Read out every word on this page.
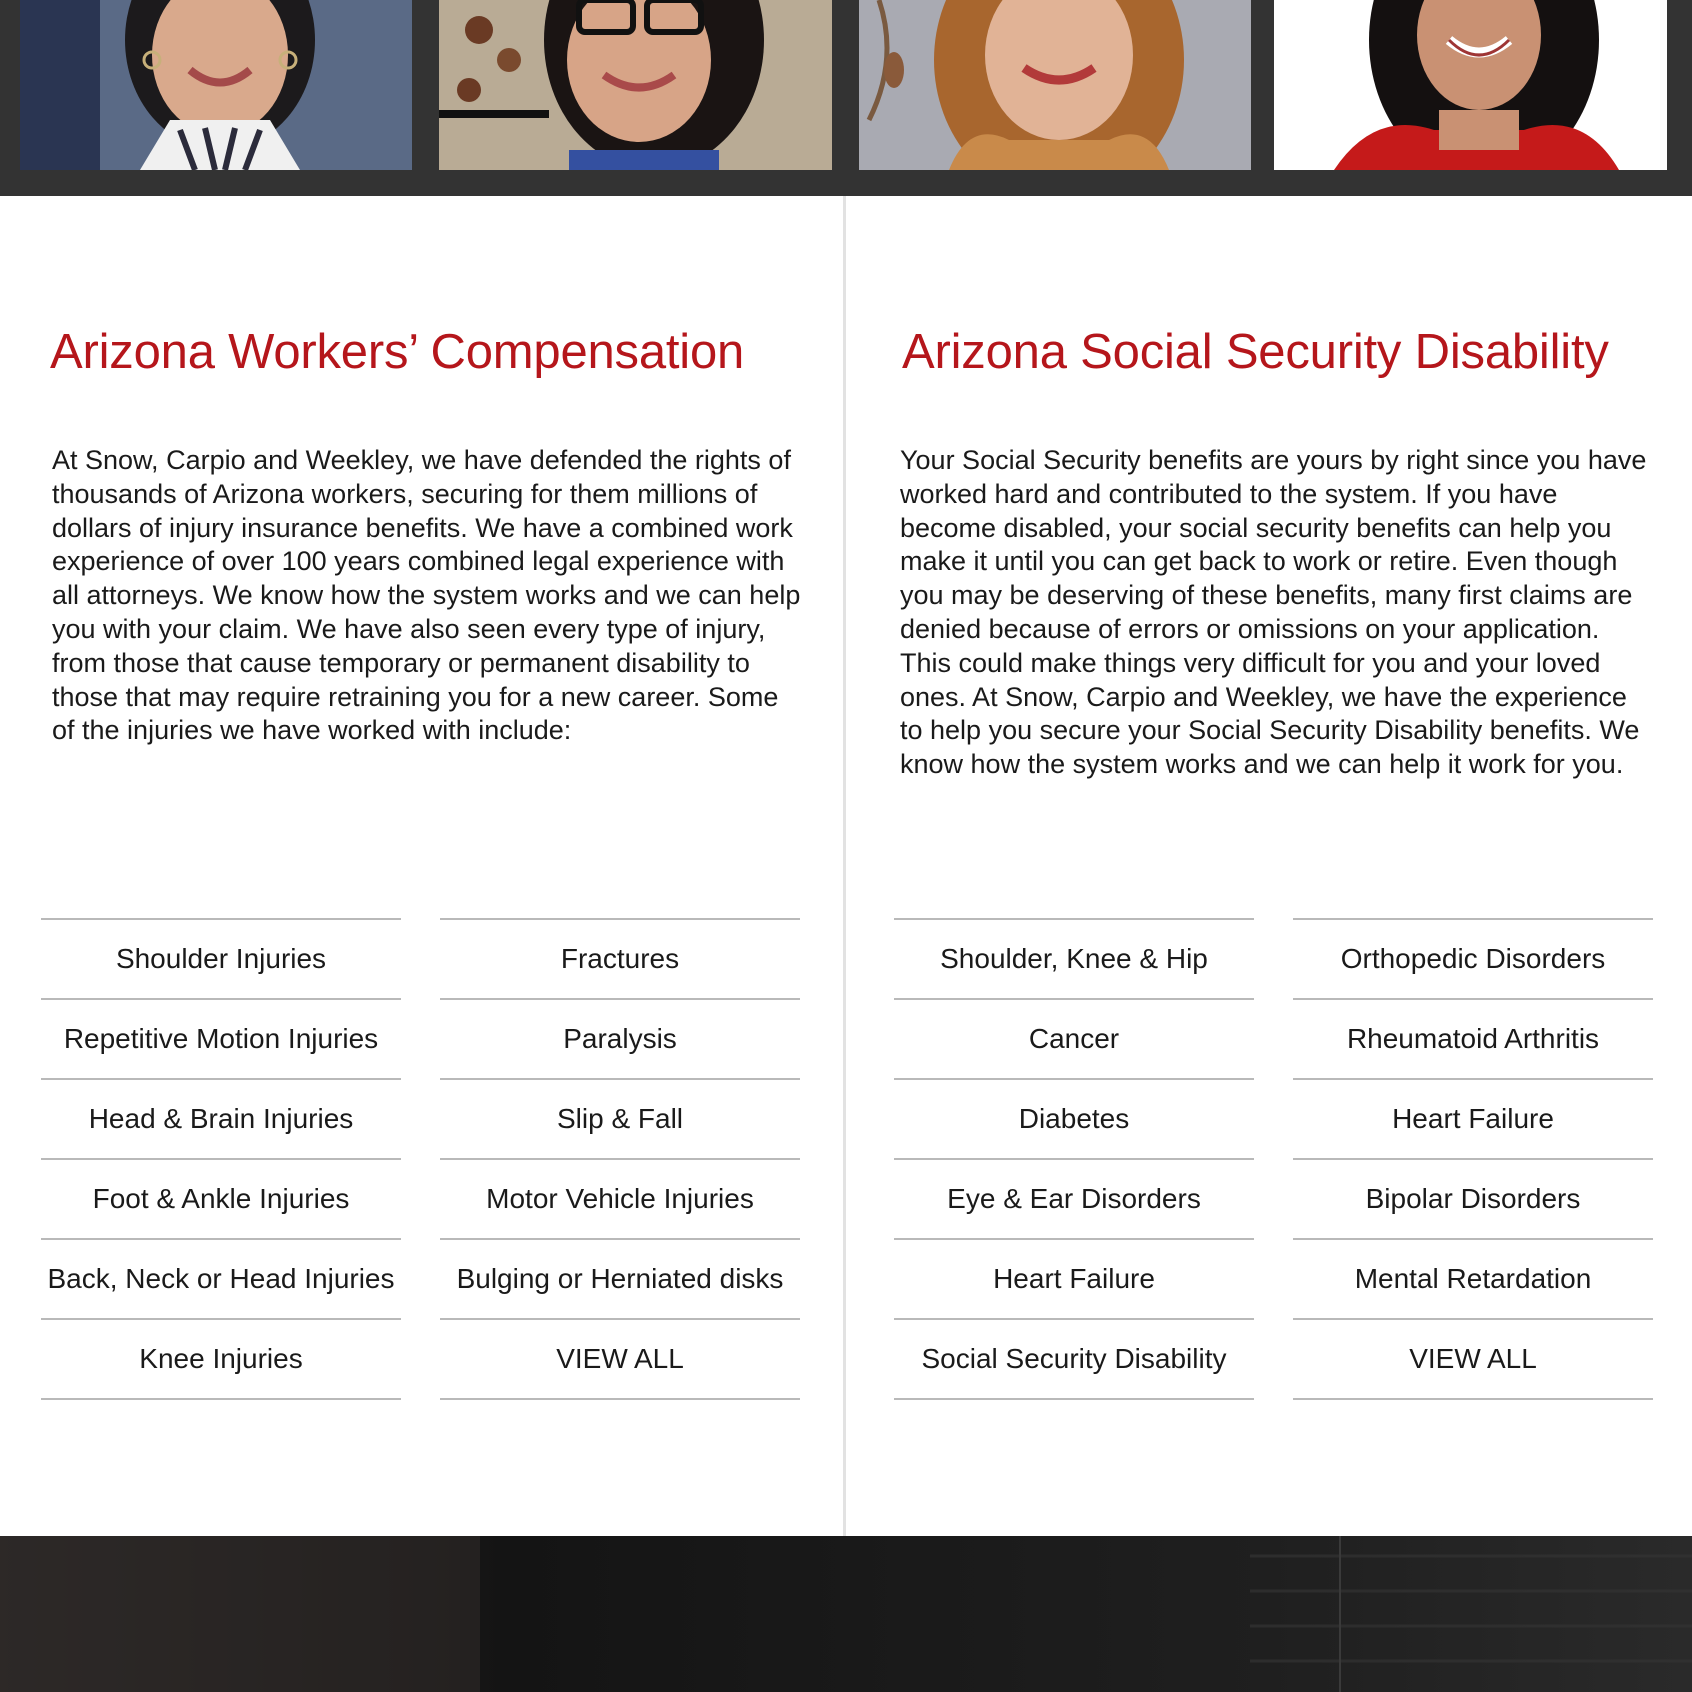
Arizona Workers’ Compensation

At Snow, Carpio and Weekley, we have defended the rights of thousands of Arizona workers, securing for them millions of dollars of injury insurance benefits. We have a combined work experience of over 100 years combined legal experience with all attorneys. We know how the system works and we can help you with your claim. We have also seen every type of injury, from those that cause temporary or permanent disability to those that may require retraining you for a new career. Some of the injuries we have worked with include:

Shoulder Injuries
Repetitive Motion Injuries
Head & Brain Injuries
Foot & Ankle Injuries
Back, Neck or Head Injuries
Knee Injuries
Fractures
Paralysis
Slip & Fall
Motor Vehicle Injuries
Bulging or Herniated disks
VIEW ALL
Arizona Social Security Disability

Your Social Security benefits are yours by right since you have worked hard and contributed to the system. If you have become disabled, your social security benefits can help you make it until you can get back to work or retire. Even though you may be deserving of these benefits, many first claims are denied because of errors or omissions on your application. This could make things very difficult for you and your loved ones. At Snow, Carpio and Weekley, we have the experience to help you secure your Social Security Disability benefits. We know how the system works and we can help it work for you.

Shoulder, Knee & Hip
Cancer
Diabetes
Eye & Ear Disorders
Heart Failure
Social Security Disability
Orthopedic Disorders
Rheumatoid Arthritis
Heart Failure
Bipolar Disorders
Mental Retardation
VIEW ALL
